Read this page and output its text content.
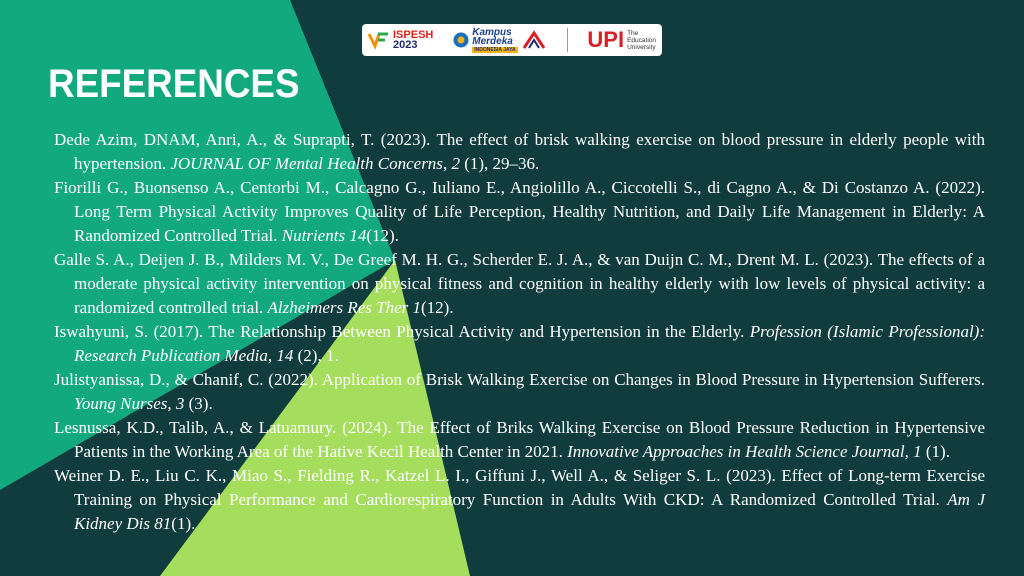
ISPESH
2023
Kampus
Merdeka
INDONESIA JAYA	UPI The
Education
University
REFERENCES

Dede Azim, DNAM, Anri, A., & Suprapti, T. (2023). The effect of brisk walking exercise on blood pressure in elderly people with hypertension. JOURNAL OF Mental Health Concerns, 2 (1), 29–36.

Fiorilli G., Buonsenso A., Centorbi M., Calcagno G., Iuliano E., Angiolillo A., Ciccotelli S., di Cagno A., & Di Costanzo A. (2022). Long Term Physical Activity Improves Quality of Life Perception, Healthy Nutrition, and Daily Life Management in Elderly: A Randomized Controlled Trial. Nutrients 14(12).

Galle S. A., Deijen J. B., Milders M. V., De Greef M. H. G., Scherder E. J. A., & van Duijn C. M., Drent M. L. (2023). The effects of a moderate physical activity intervention on physical fitness and cognition in healthy elderly with low levels of physical activity: a randomized controlled trial. Alzheimers Res Ther 1(12).

Iswahyuni, S. (2017). The Relationship Between Physical Activity and Hypertension in the Elderly. Profession (Islamic Professional): Research Publication Media, 14 (2), 1.

Julistyanissa, D., & Chanif, C. (2022). Application of Brisk Walking Exercise on Changes in Blood Pressure in Hypertension Sufferers. Young Nurses, 3 (3).

Lesnussa, K.D., Talib, A., & Latuamury. (2024). The Effect of Briks Walking Exercise on Blood Pressure Reduction in Hypertensive Patients in the Working Area of the Hative Kecil Health Center in 2021. Innovative Approaches in Health Science Journal, 1 (1).

Weiner D. E., Liu C. K., Miao S., Fielding R., Katzel L. I., Giffuni J., Well A., & Seliger S. L. (2023). Effect of Long-term Exercise Training on Physical Performance and Cardiorespiratory Function in Adults With CKD: A Randomized Controlled Trial. Am J Kidney Dis 81(1).
